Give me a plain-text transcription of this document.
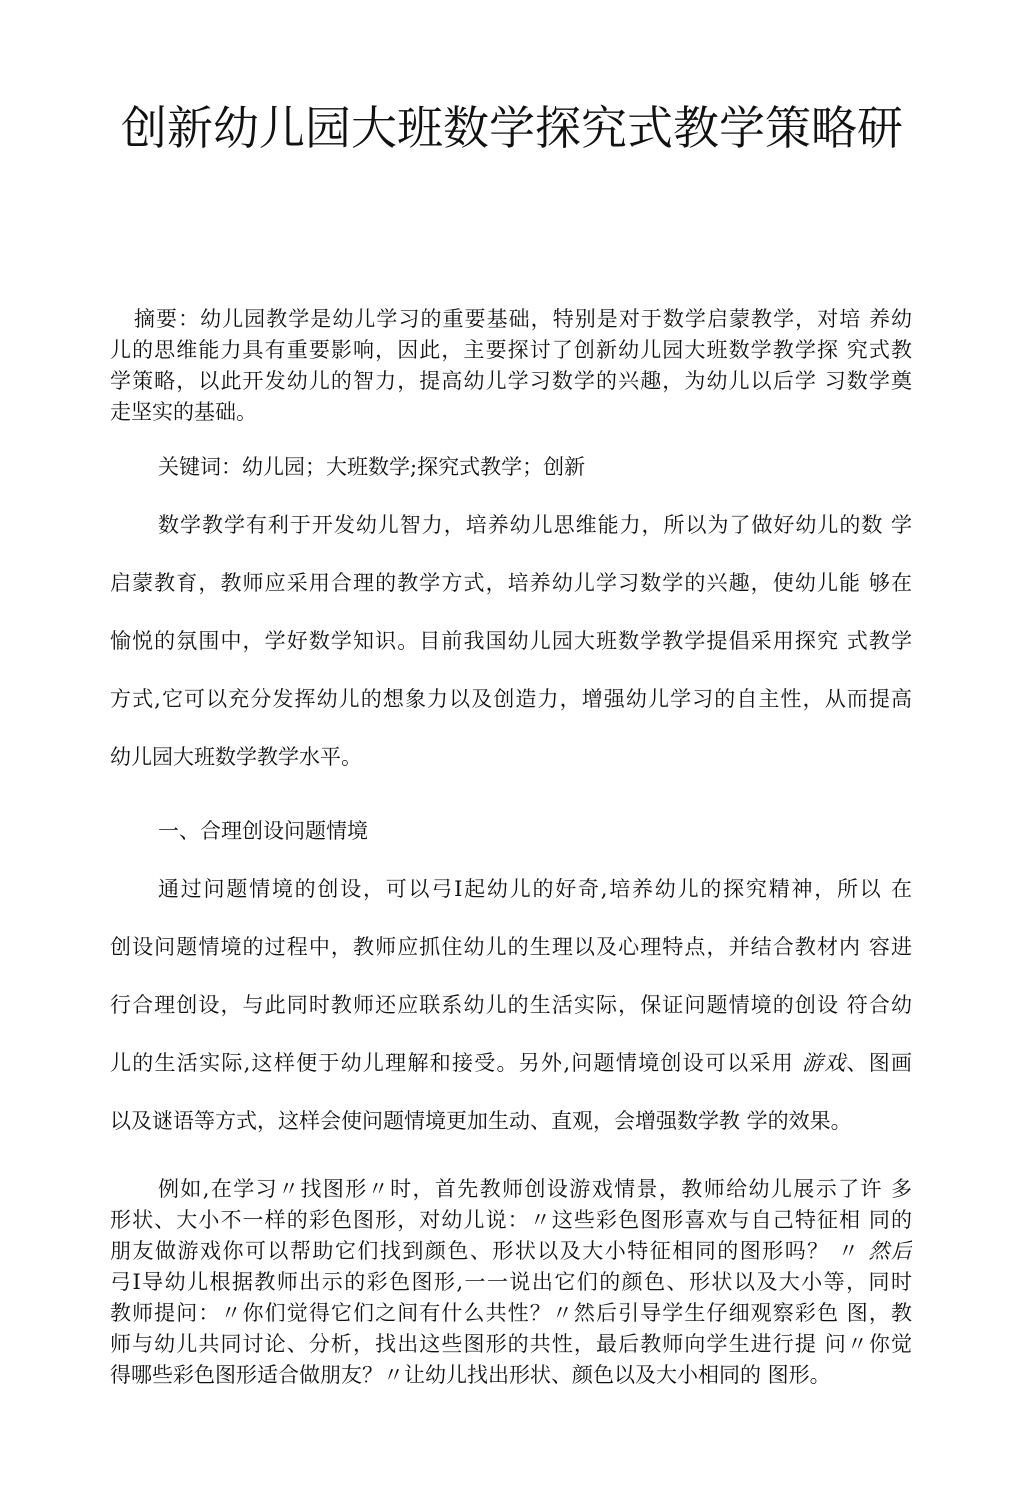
创新幼儿园大班数学探究式教学策略研
摘要：幼儿园教学是幼儿学习的重要基础，特别是对于数学启蒙教学，对培 养幼
儿的思维能力具有重要影响，因此，主要探讨了创新幼儿园大班数学教学探 究式教
学策略，以此开发幼儿的智力，提高幼儿学习数学的兴趣，为幼儿以后学 习数学奠
走坚实的基础。
关键词：幼儿园；大班数学;探究式教学；创新
数学教学有利于开发幼儿智力，培养幼儿思维能力，所以为了做好幼儿的数 学
启蒙教育，教师应采用合理的教学方式，培养幼儿学习数学的兴趣，使幼儿能 够在
愉悦的氛围中，学好数学知识。目前我国幼儿园大班数学教学提倡采用探究 式教学
方式,它可以充分发挥幼儿的想象力以及创造力，增强幼儿学习的自主性，从而提高
幼儿园大班数学教学水平。
一、合理创设问题情境
通过问题情境的创设，可以弓I起幼儿的好奇,培养幼儿的探究精神，所以 在
创设问题情境的过程中，教师应抓住幼儿的生理以及心理特点，并结合教材内 容进
行合理创设，与此同时教师还应联系幼儿的生活实际，保证问题情境的创设 符合幼
儿的生活实际,这样便于幼儿理解和接受。另外,问题情境创设可以采用 游戏、图画
以及谜语等方式，这样会使问题情境更加生动、直观，会增强数学教 学的效果。
例如,在学习〃找图形〃时，首先教师创设游戏情景，教师给幼儿展示了许 多
形状、大小不一样的彩色图形，对幼儿说：〃这些彩色图形喜欢与自己特征相 同的
朋友做游戏你可以帮助它们找到颜色、形状以及大小特征相同的图形吗？ 〃 然后
弓I导幼儿根据教师出示的彩色图形,一一说出它们的颜色、形状以及大小等，同时
教师提问：〃你们觉得它们之间有什么共性？〃然后引导学生仔细观察彩色 图，教
师与幼儿共同讨论、分析，找出这些图形的共性，最后教师向学生进行提 问〃你觉
得哪些彩色图形适合做朋友？〃让幼儿找出形状、颜色以及大小相同的 图形。
